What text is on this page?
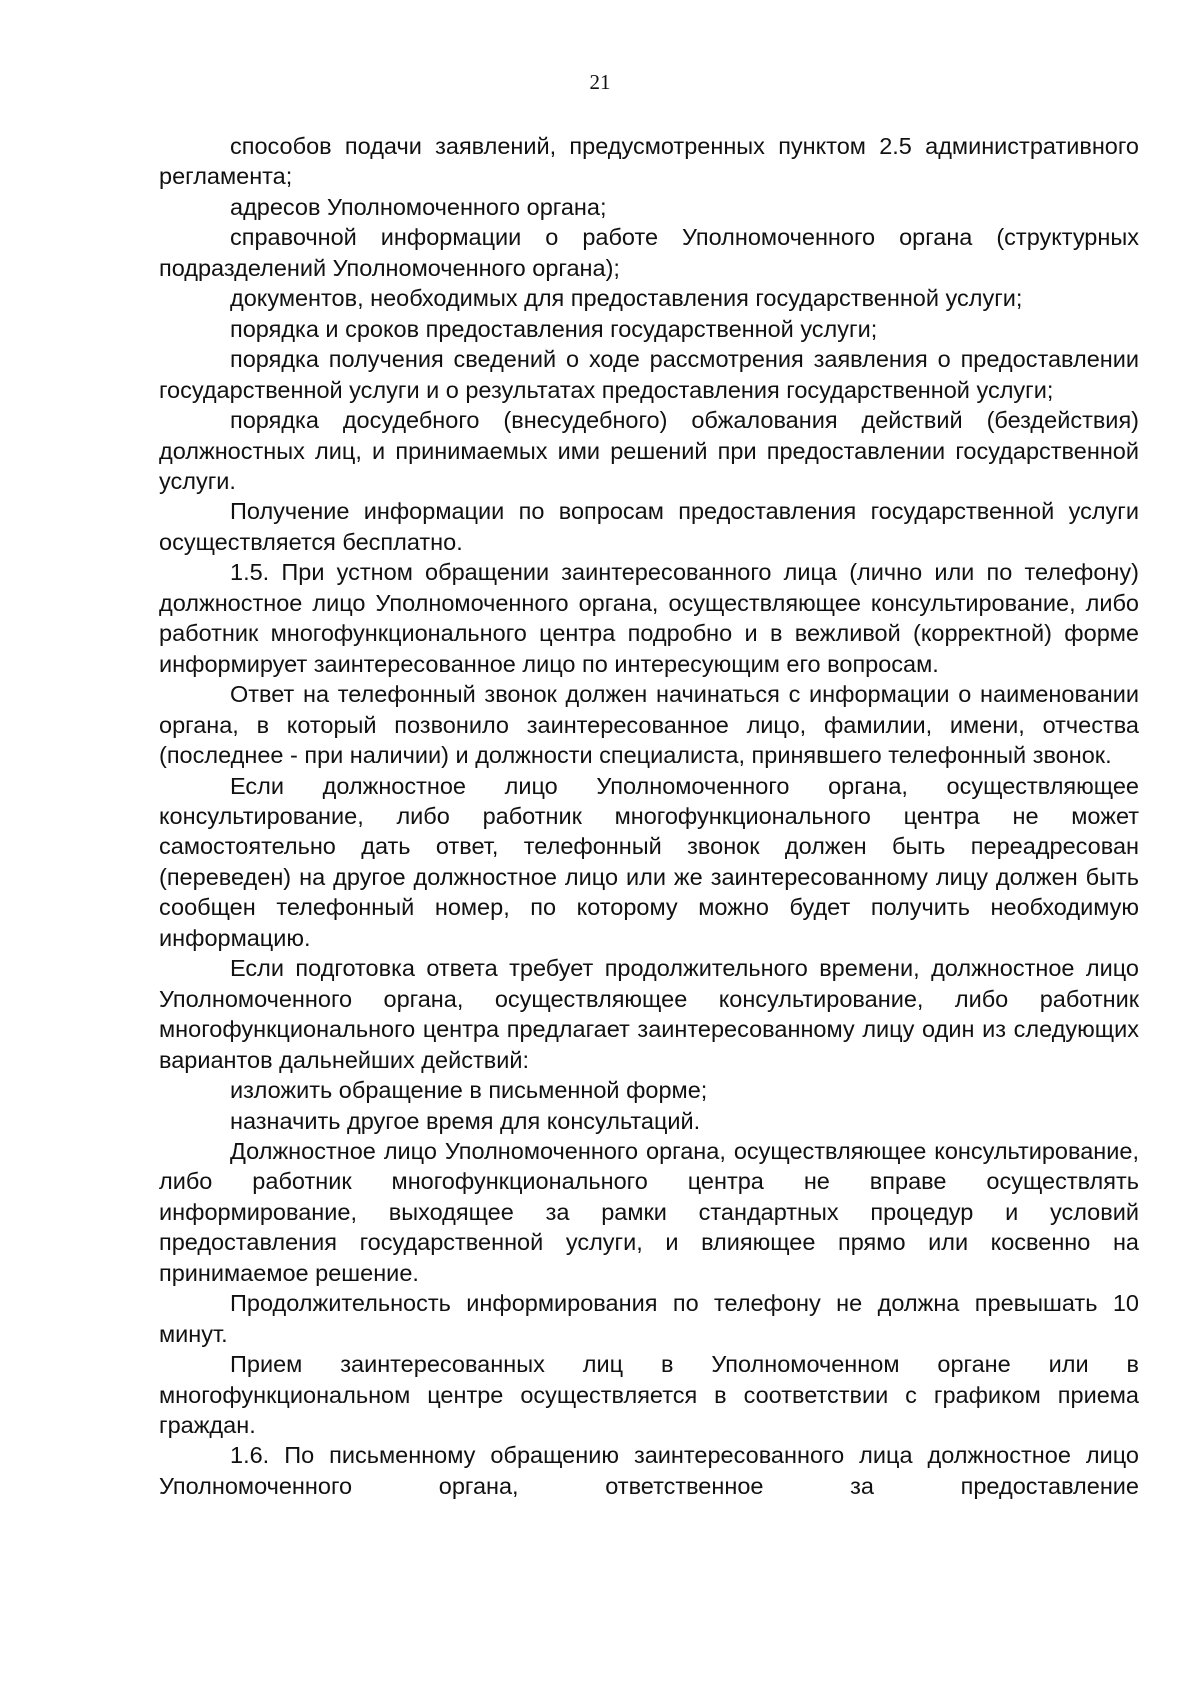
21

способов подачи заявлений, предусмотренных пунктом 2.5 административного регламента;

адресов Уполномоченного органа;

справочной информации о работе Уполномоченного органа (структурных подразделений Уполномоченного органа);

документов, необходимых для предоставления государственной услуги;

порядка и сроков предоставления государственной услуги;

порядка получения сведений о ходе рассмотрения заявления о предоставлении государственной услуги и о результатах предоставления государственной услуги;

порядка досудебного (внесудебного) обжалования действий (бездействия) должностных лиц, и принимаемых ими решений при предоставлении государственной услуги.

Получение информации по вопросам предоставления государственной услуги осуществляется бесплатно.

1.5. При устном обращении заинтересованного лица (лично или по телефону) должностное лицо Уполномоченного органа, осуществляющее консультирование, либо работник многофункционального центра подробно и в вежливой (корректной) форме информирует заинтересованное лицо по интересующим его вопросам.

Ответ на телефонный звонок должен начинаться с информации о наименовании органа, в который позвонило заинтересованное лицо, фамилии, имени, отчества (последнее - при наличии) и должности специалиста, принявшего телефонный звонок.

Если должностное лицо Уполномоченного органа, осуществляющее консультирование, либо работник многофункционального центра не может самостоятельно дать ответ, телефонный звонок должен быть переадресован (переведен) на другое должностное лицо или же заинтересованному лицу должен быть сообщен телефонный номер, по которому можно будет получить необходимую информацию.

Если подготовка ответа требует продолжительного времени, должностное лицо Уполномоченного органа, осуществляющее консультирование, либо работник многофункционального центра предлагает заинтересованному лицу один из следующих вариантов дальнейших действий:

изложить обращение в письменной форме;

назначить другое время для консультаций.

Должностное лицо Уполномоченного органа, осуществляющее консультирование, либо работник многофункционального центра не вправе осуществлять информирование, выходящее за рамки стандартных процедур и условий предоставления государственной услуги, и влияющее прямо или косвенно на принимаемое решение.

Продолжительность информирования по телефону не должна превышать 10 минут.

Прием заинтересованных лиц в Уполномоченном органе или в многофункциональном центре осуществляется в соответствии с графиком приема граждан.

1.6. По письменному обращению заинтересованного лица должностное лицо Уполномоченного органа, ответственное за предоставление
